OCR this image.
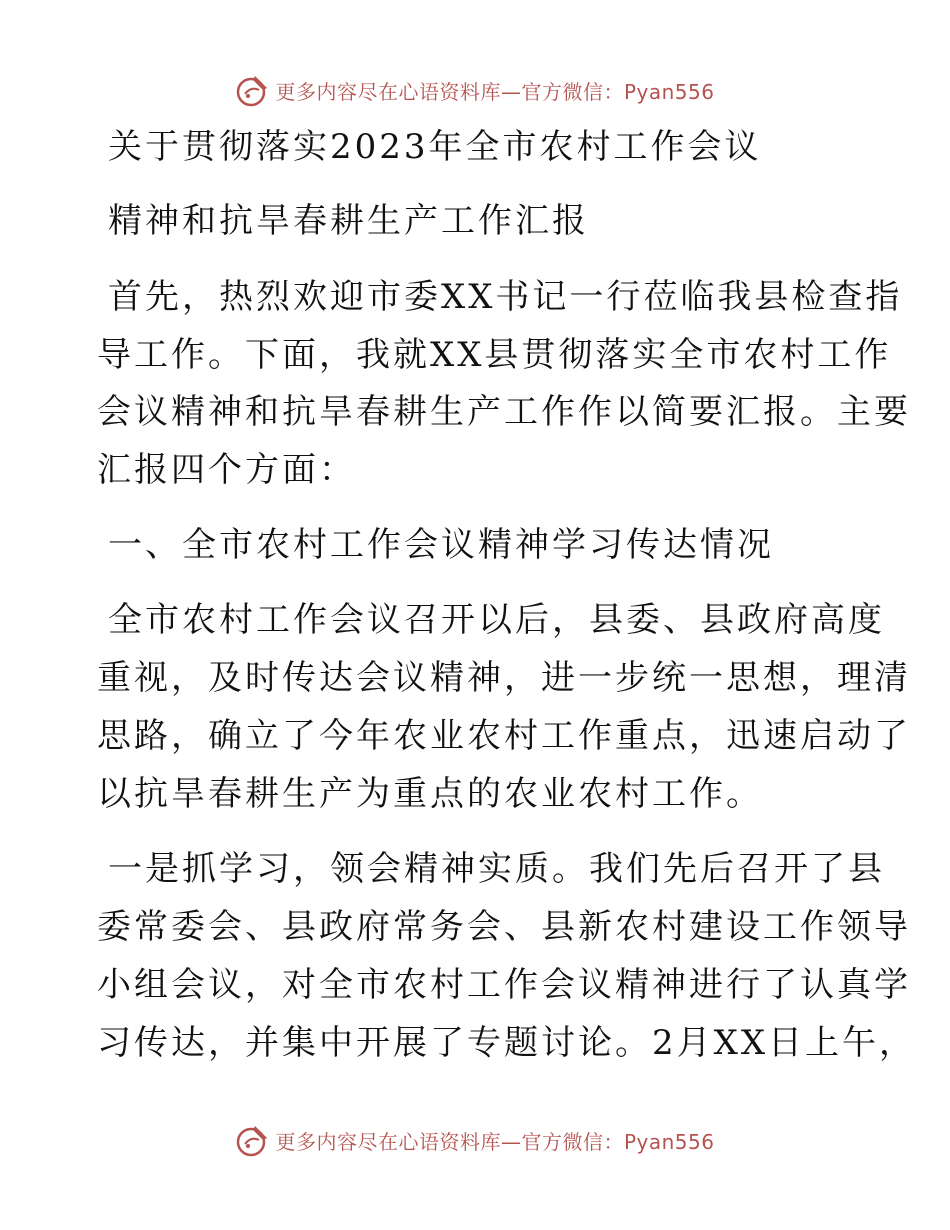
更多内容尽在心语资料库—官方微信：Pyan556
关于贯彻落实2023年全市农村工作会议
精神和抗旱春耕生产工作汇报
首先，热烈欢迎市委XX书记一行莅临我县检查指
导工作。下面，我就XX县贯彻落实全市农村工作
会议精神和抗旱春耕生产工作作以简要汇报。主要
汇报四个方面：
一、全市农村工作会议精神学习传达情况
全市农村工作会议召开以后，县委、县政府高度
重视，及时传达会议精神，进一步统一思想，理清
思路，确立了今年农业农村工作重点，迅速启动了
以抗旱春耕生产为重点的农业农村工作。
一是抓学习，领会精神实质。我们先后召开了县
委常委会、县政府常务会、县新农村建设工作领导
小组会议，对全市农村工作会议精神进行了认真学
习传达，并集中开展了专题讨论。2月XX日上午，
更多内容尽在心语资料库—官方微信：Pyan556
